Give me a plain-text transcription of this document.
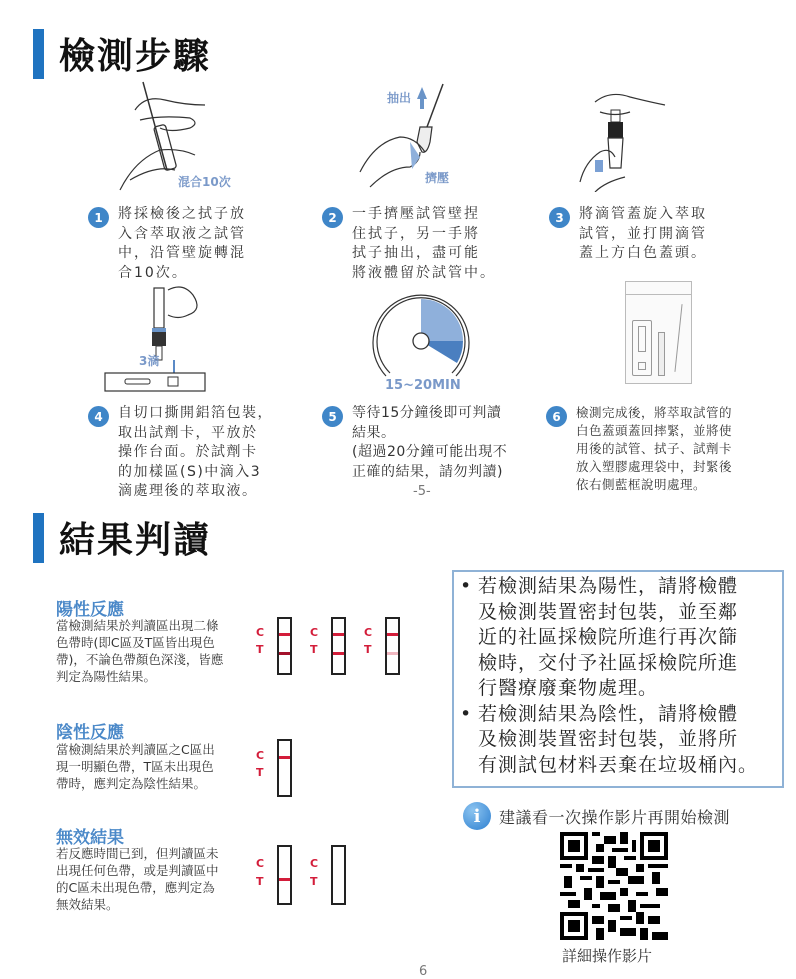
檢測步驟
混合10次
抽出
擠壓
1	將採檢後之拭子放
入含萃取液之試管
中，沿管壁旋轉混
合10次。
2	一手擠壓試管壁捏
住拭子，另一手將
拭子抽出，盡可能
將液體留於試管中。
3	將滴管蓋旋入萃取
試管，並打開滴管
蓋上方白色蓋頭。
3滴
15~20MIN
4	自切口撕開鋁箔包裝，
取出試劑卡，平放於
操作台面。於試劑卡
的加樣區(S)中滴入3
滴處理後的萃取液。
5	等待15分鐘後即可判讀
結果。
(超過20分鐘可能出現不
正確的結果，請勿判讀)
6	檢測完成後，將萃取試管的
白色蓋頭蓋回摔緊，並將使
用後的試管、拭子、試劑卡
放入塑膠處理袋中，封緊後
依右側藍框說明處理。
-5-
結果判讀
陽性反應
當檢測結果於判讀區出現二條
色帶時(即C區及T區皆出現色
帶)，不論色帶顏色深淺，皆應
判定為陽性結果。
C
T
C
T
C
T
陰性反應
當檢測結果於判讀區之C區出
現一明顯色帶，T區未出現色
帶時，應判定為陰性結果。
C
T
無效結果
若反應時間已到，但判讀區未
出現任何色帶，或是判讀區中
的C區未出現色帶，應判定為
無效結果。
C
T
C
T
• 若檢測結果為陽性，請將檢體
及檢測裝置密封包裝，並至鄰
近的社區採檢院所進行再次篩
檢時，交付予社區採檢院所進
行醫療廢棄物處理。
• 若檢測結果為陰性，請將檢體
及檢測裝置密封包裝，並將所
有測試包材料丟棄在垃圾桶內。
i	建議看一次操作影片再開始檢測
詳細操作影片
6
